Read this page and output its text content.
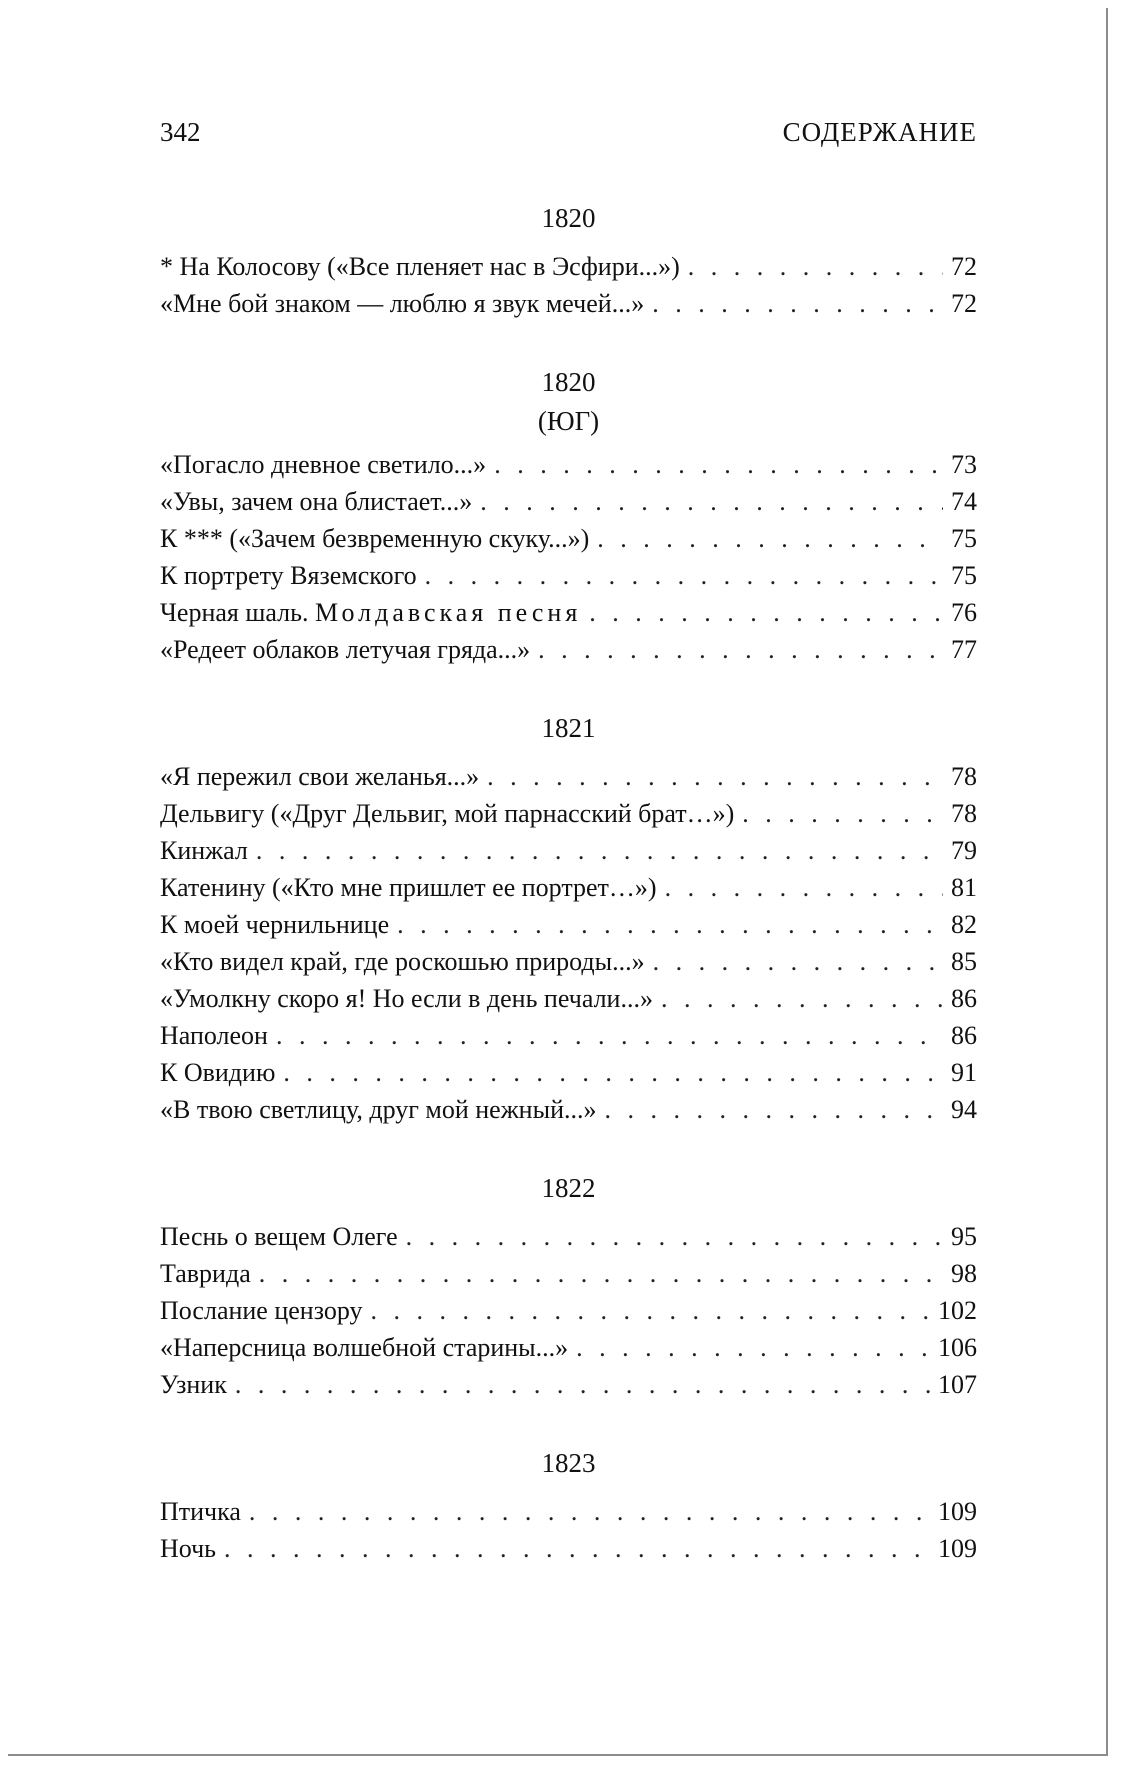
342	СОДЕРЖАНИЕ
1820
* На Колосову («Все пленяет нас в Эсфири...») . . .	72
«Мне бой знаком — люблю я звук мечей...» . . .	72
1820
(ЮГ)
«Погасло дневное светило...» . . .	73
«Увы, зачем она блистает...» . . .	74
К *** («Зачем безвременную скуку...») . . .	75
К портрету Вяземского . . .	75
Черная шаль. Молдавская песня . . .	76
«Редеет облаков летучая гряда...» . . .	77
1821
«Я пережил свои желанья...» . . .	78
Дельвигу («Друг Дельвиг, мой парнасский брат…») . . .	78
Кинжал . . .	79
Катенину («Кто мне пришлет ее портрет…») . . .	81
К моей чернильнице . . .	82
«Кто видел край, где роскошью природы...» . . .	85
«Умолкну скоро я! Но если в день печали...» . . .	86
Наполеон . . .	86
К Овидию . . .	91
«В твою светлицу, друг мой нежный...» . . .	94
1822
Песнь о вещем Олеге . . .	95
Таврида . . .	98
Послание цензору . . .	102
«Наперсница волшебной старины...» . . .	106
Узник . . .	107
1823
Птичка . . .	109
Ночь . . .	109
